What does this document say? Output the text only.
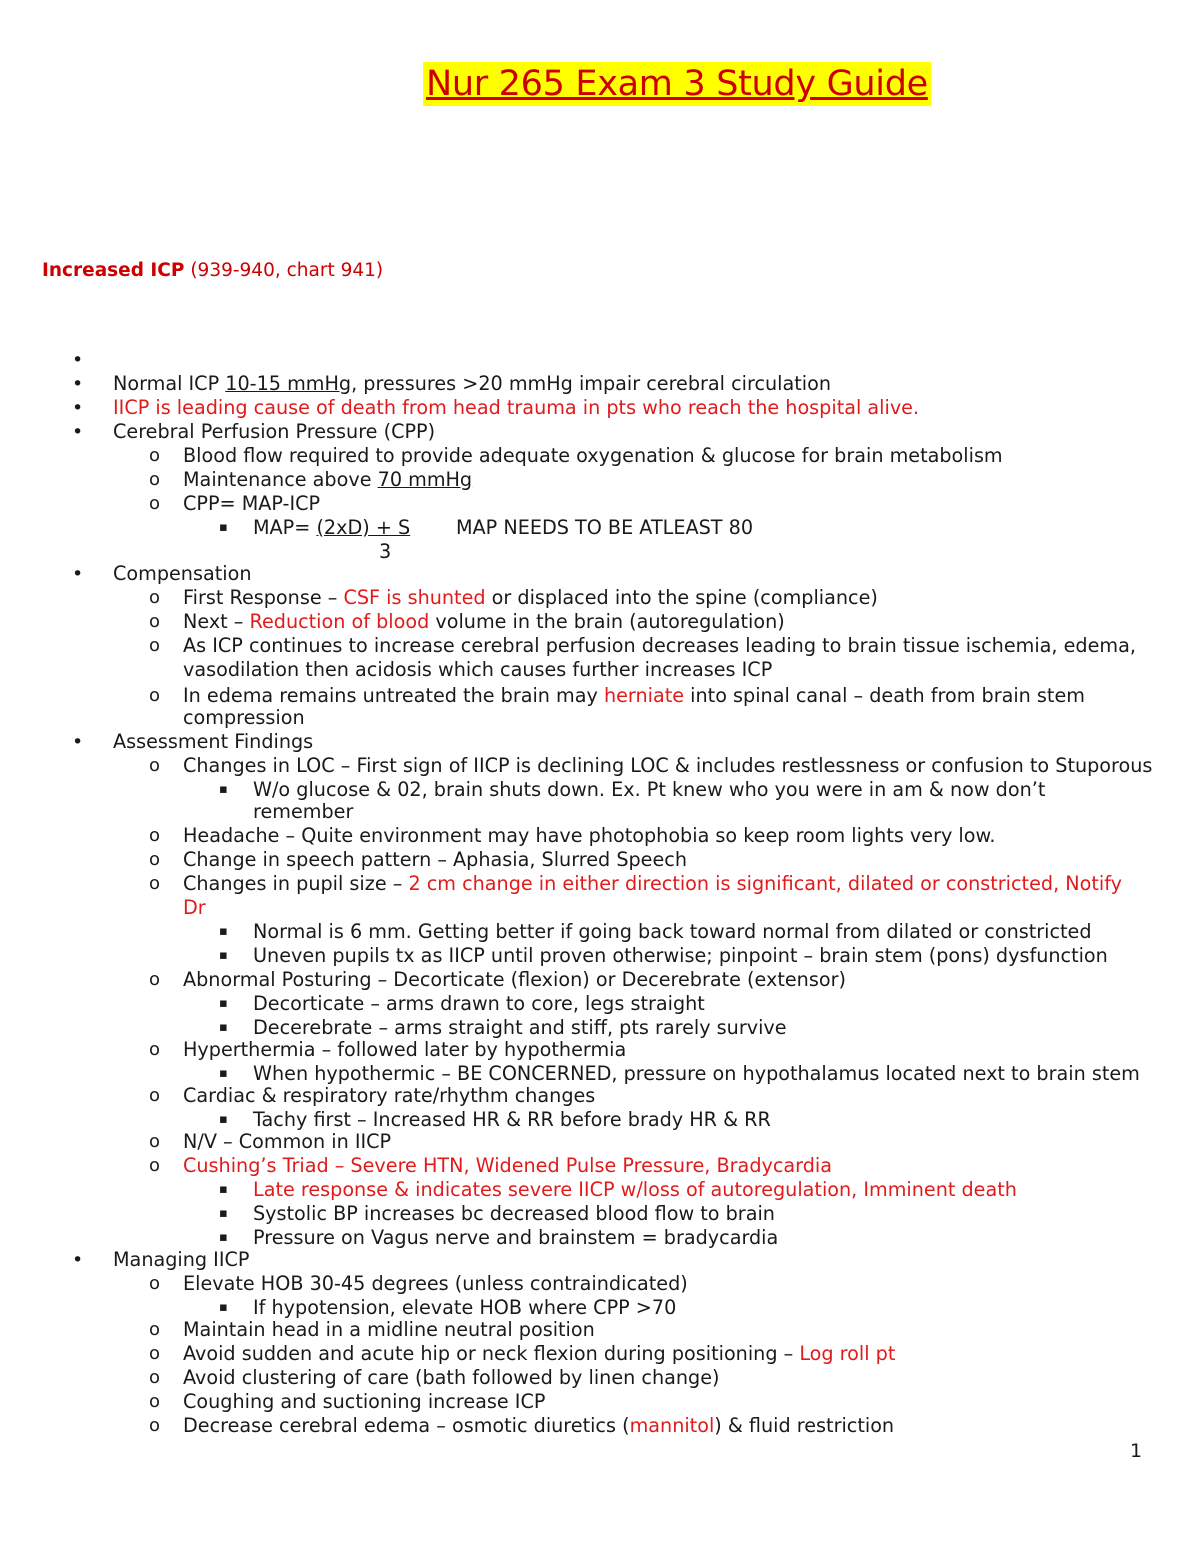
Nur 265 Exam 3 Study Guide
Increased ICP (939-940, chart 941)
•
• Normal ICP 10-15 mmHg, pressures >20 mmHg impair cerebral circulation
• IICP is leading cause of death from head trauma in pts who reach the hospital alive.
• Cerebral Perfusion Pressure (CPP)
o Blood flow required to provide adequate oxygenation & glucose for brain metabolism
o Maintenance above 70 mmHg
o CPP= MAP-ICP
▪ MAP= (2xD) + S MAP NEEDS TO BE ATLEAST 80
3
• Compensation
o First Response – CSF is shunted or displaced into the spine (compliance)
o Next – Reduction of blood volume in the brain (autoregulation)
o As ICP continues to increase cerebral perfusion decreases leading to brain tissue ischemia, edema,
vasodilation then acidosis which causes further increases ICP
o In edema remains untreated the brain may herniate into spinal canal – death from brain stem
compression
• Assessment Findings
o Changes in LOC – First sign of IICP is declining LOC & includes restlessness or confusion to Stuporous
▪ W/o glucose & 02, brain shuts down. Ex. Pt knew who you were in am & now don’t
remember
o Headache – Quite environment may have photophobia so keep room lights very low.
o Change in speech pattern – Aphasia, Slurred Speech
o Changes in pupil size – 2 cm change in either direction is significant, dilated or constricted, Notify
Dr
▪ Normal is 6 mm. Getting better if going back toward normal from dilated or constricted
▪ Uneven pupils tx as IICP until proven otherwise; pinpoint – brain stem (pons) dysfunction
o Abnormal Posturing – Decorticate (flexion) or Decerebrate (extensor)
▪ Decorticate – arms drawn to core, legs straight
▪ Decerebrate – arms straight and stiff, pts rarely survive
o Hyperthermia – followed later by hypothermia
▪ When hypothermic – BE CONCERNED, pressure on hypothalamus located next to brain stem
o Cardiac & respiratory rate/rhythm changes
▪ Tachy first – Increased HR & RR before brady HR & RR
o N/V – Common in IICP
o Cushing’s Triad – Severe HTN, Widened Pulse Pressure, Bradycardia
▪ Late response & indicates severe IICP w/loss of autoregulation, Imminent death
▪ Systolic BP increases bc decreased blood flow to brain
▪ Pressure on Vagus nerve and brainstem = bradycardia
• Managing IICP
o Elevate HOB 30-45 degrees (unless contraindicated)
▪ If hypotension, elevate HOB where CPP >70
o Maintain head in a midline neutral position
o Avoid sudden and acute hip or neck flexion during positioning – Log roll pt
o Avoid clustering of care (bath followed by linen change)
o Coughing and suctioning increase ICP
o Decrease cerebral edema – osmotic diuretics (mannitol) & fluid restriction
1
